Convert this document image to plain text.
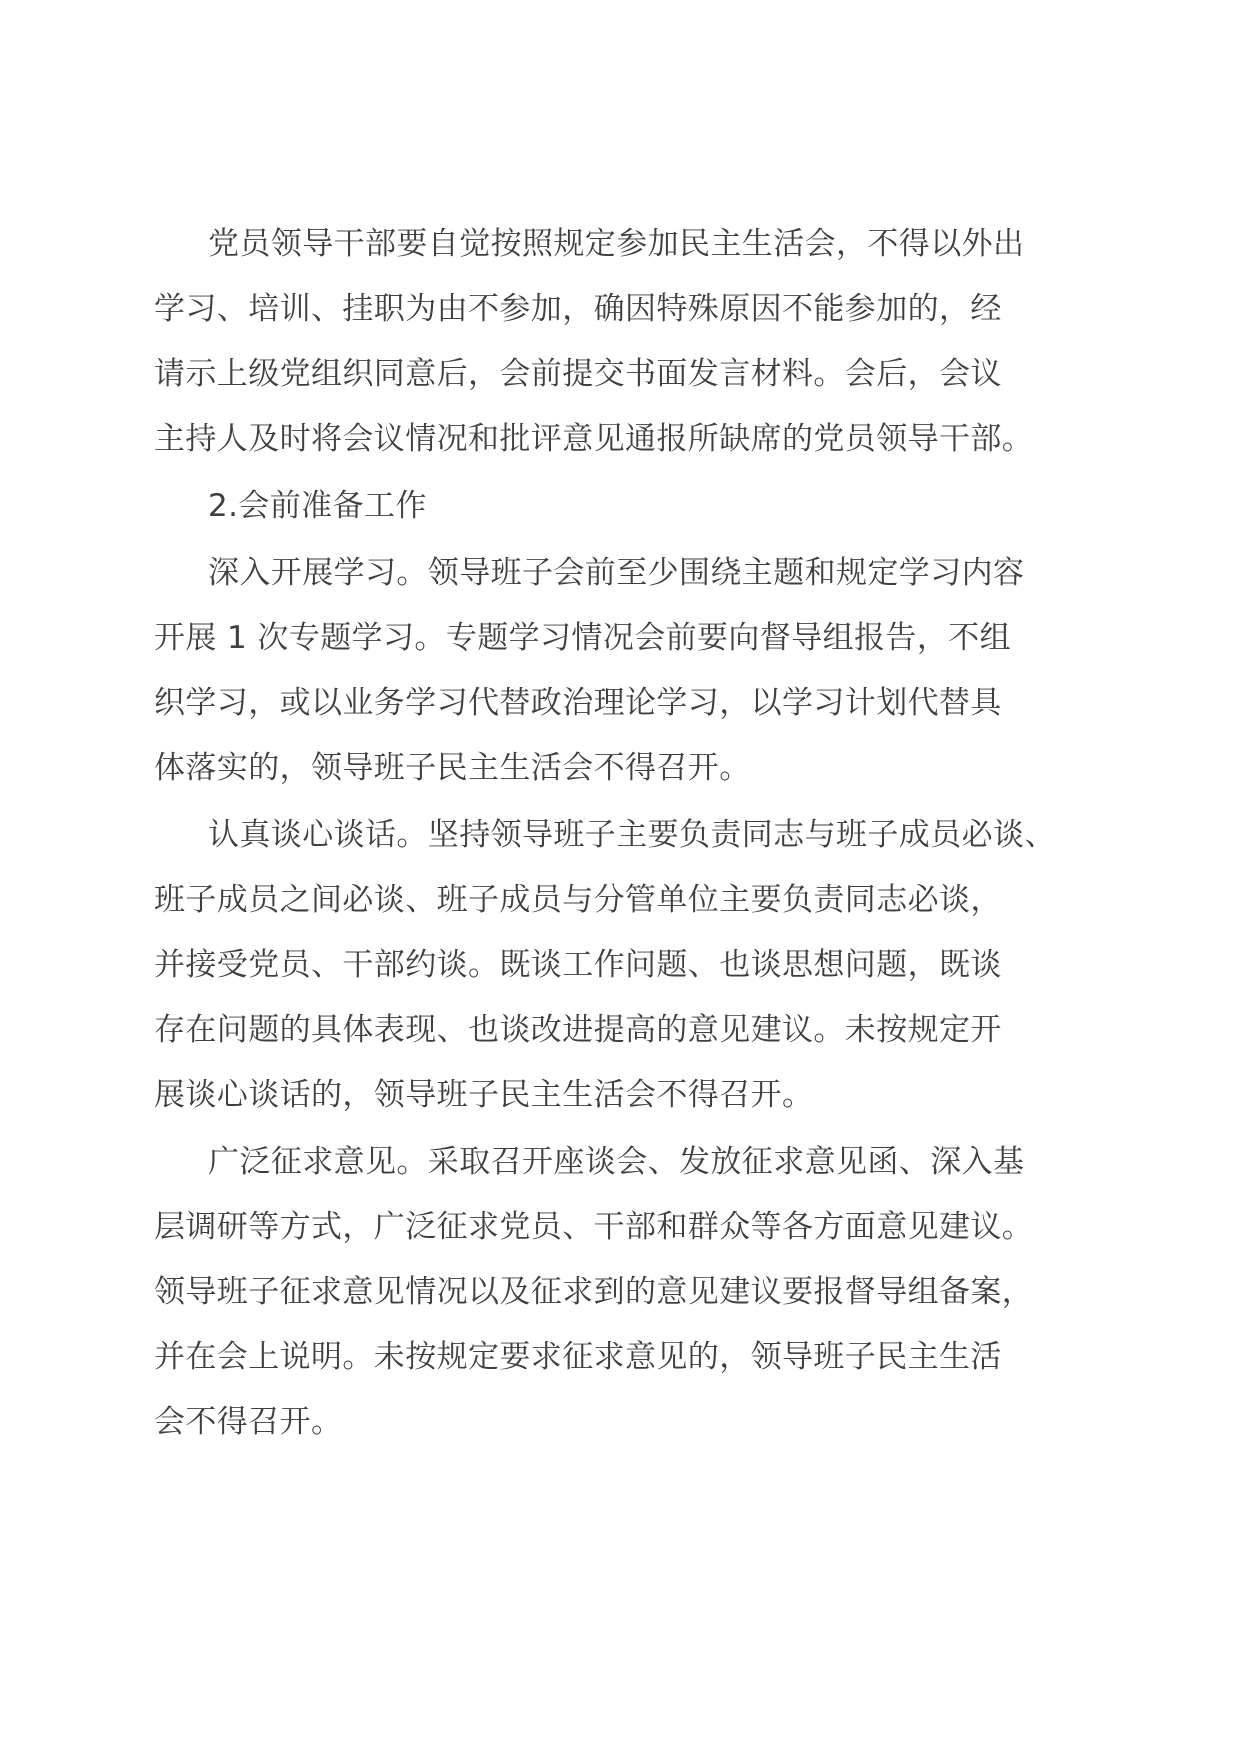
党员领导干部要自觉按照规定参加民主生活会，不得以外出
学习、培训、挂职为由不参加，确因特殊原因不能参加的，经
请示上级党组织同意后，会前提交书面发言材料。会后，会议
主持人及时将会议情况和批评意见通报所缺席的党员领导干部。
2.会前准备工作
深入开展学习。领导班子会前至少围绕主题和规定学习内容
开展 1 次专题学习。专题学习情况会前要向督导组报告，不组
织学习，或以业务学习代替政治理论学习，以学习计划代替具
体落实的，领导班子民主生活会不得召开。
认真谈心谈话。坚持领导班子主要负责同志与班子成员必谈、
班子成员之间必谈、班子成员与分管单位主要负责同志必谈，
并接受党员、干部约谈。既谈工作问题、也谈思想问题，既谈
存在问题的具体表现、也谈改进提高的意见建议。未按规定开
展谈心谈话的，领导班子民主生活会不得召开。
广泛征求意见。采取召开座谈会、发放征求意见函、深入基
层调研等方式，广泛征求党员、干部和群众等各方面意见建议。
领导班子征求意见情况以及征求到的意见建议要报督导组备案，
并在会上说明。未按规定要求征求意见的，领导班子民主生活
会不得召开。
